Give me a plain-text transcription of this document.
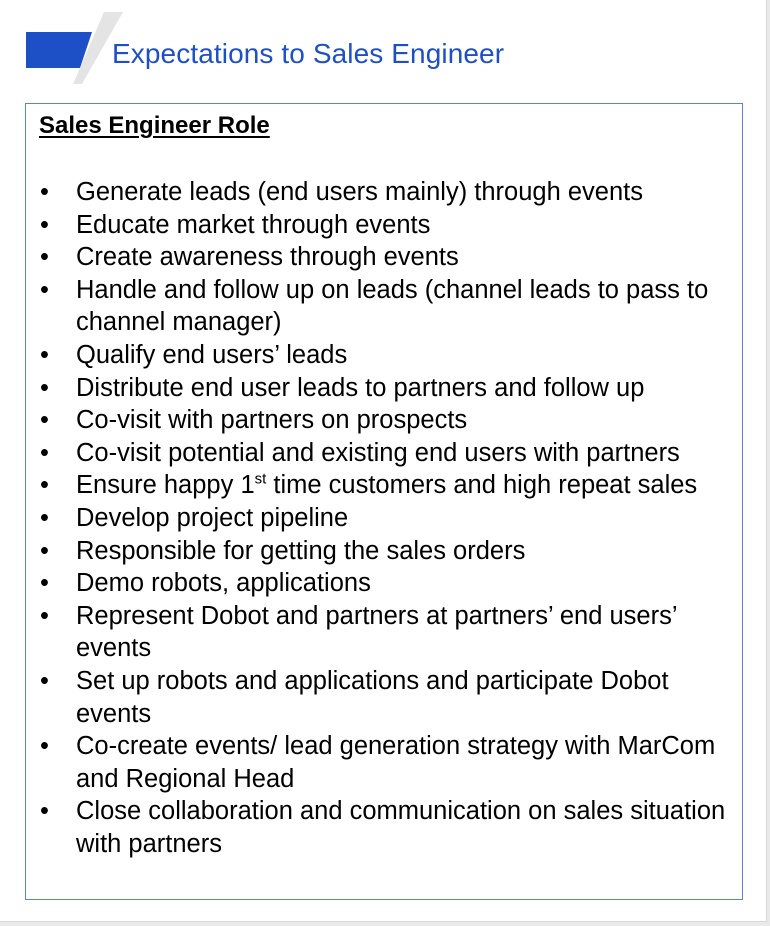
Expectations to Sales Engineer
Sales Engineer Role
• Generate leads (end users mainly) through events
• Educate market through events
• Create awareness through events
• Handle and follow up on leads (channel leads to pass to channel manager)
• Qualify end users’ leads
• Distribute end user leads to partners and follow up
• Co-visit with partners on prospects
• Co-visit potential and existing end users with partners
• Ensure happy 1st time customers and high repeat sales
• Develop project pipeline
• Responsible for getting the sales orders
• Demo robots, applications
• Represent Dobot and partners at partners’ end users’ events
• Set up robots and applications and participate Dobot events
• Co-create events/ lead generation strategy with MarCom and Regional Head
• Close collaboration and communication on sales situation with partners
